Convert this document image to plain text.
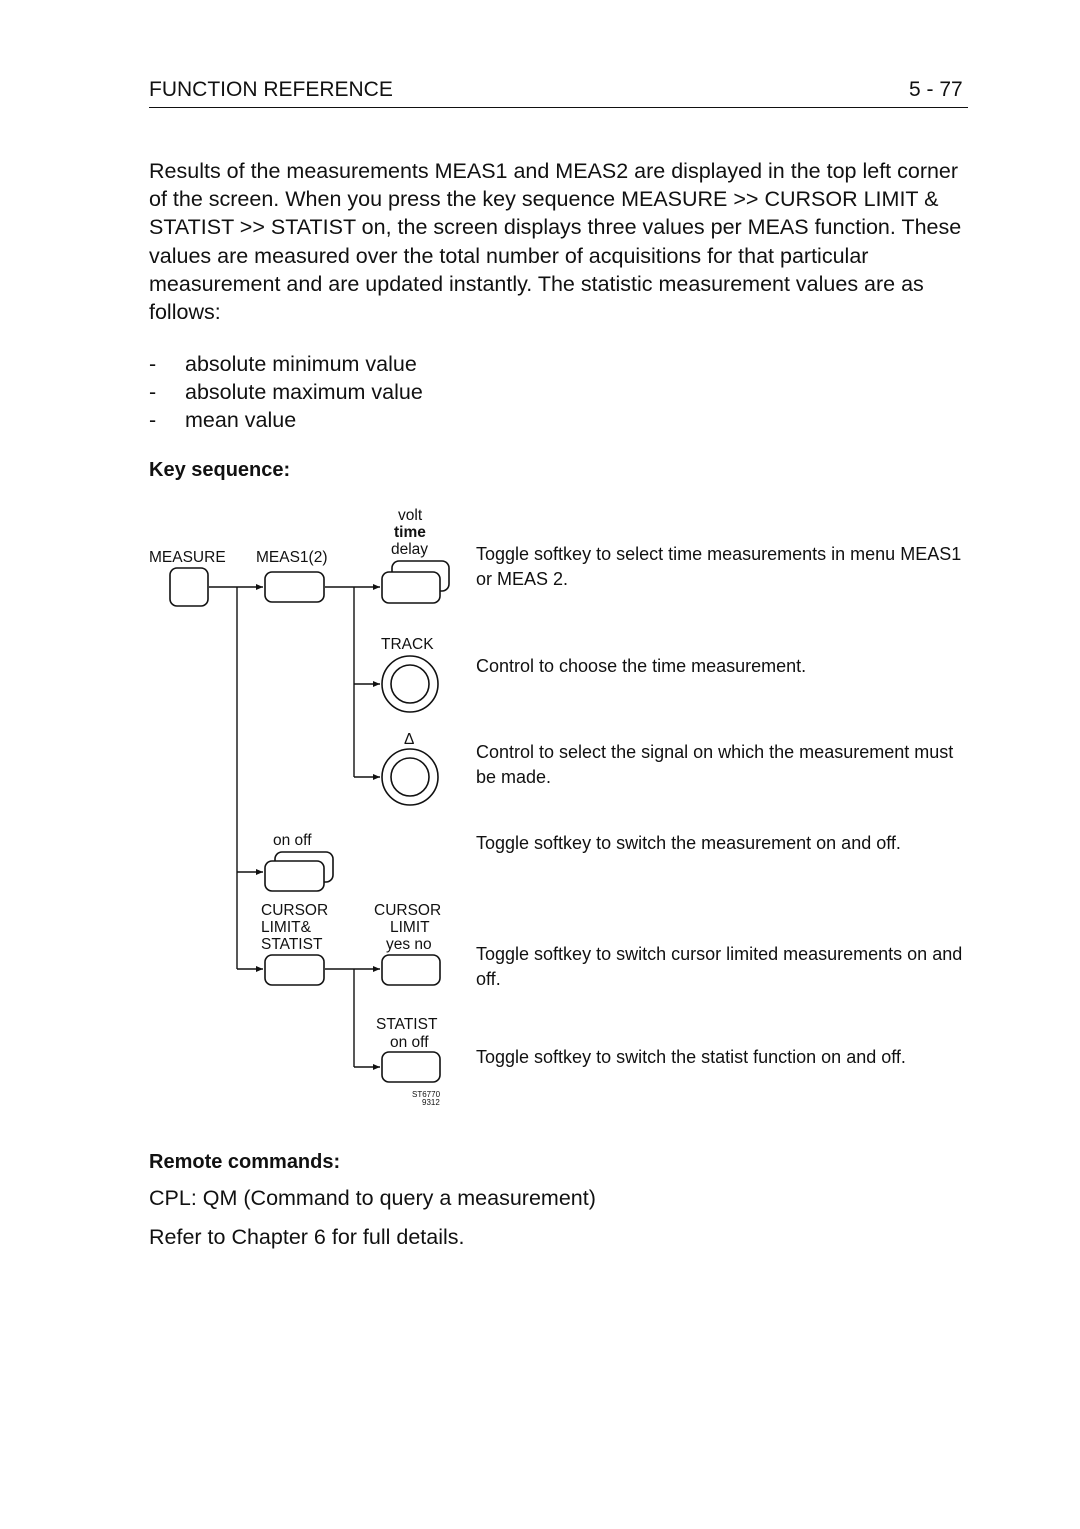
FUNCTION REFERENCE	5 - 77
Results of the measurements MEAS1 and MEAS2 are displayed in the top left corner of the screen. When you press the key sequence MEASURE >> CURSOR LIMIT & STATIST >> STATIST on, the screen displays three values per MEAS function. These values are measured over the total number of acquisitions for that particular measurement and are updated instantly. The statistic measurement values are as follows:
-	absolute minimum value
-	absolute maximum value
-	mean value
Key sequence:
MEASURE MEAS1(2)
volt
time
delay
TRACK
Δ
on off
CURSOR
LIMIT&
STATIST
CURSOR
LIMIT
yes no
STATIST
on off
ST6770
9312
Toggle softkey to select time measurements in menu MEAS1 or MEAS 2.
Control to choose the time measurement.
Control to select the signal on which the measurement must be made.
Toggle softkey to switch the measurement on and off.
Toggle softkey to switch cursor limited measurements on and off.
Toggle softkey to switch the statist function on and off.
Remote commands:
CPL: QM (Command to query a measurement)
Refer to Chapter 6 for full details.
